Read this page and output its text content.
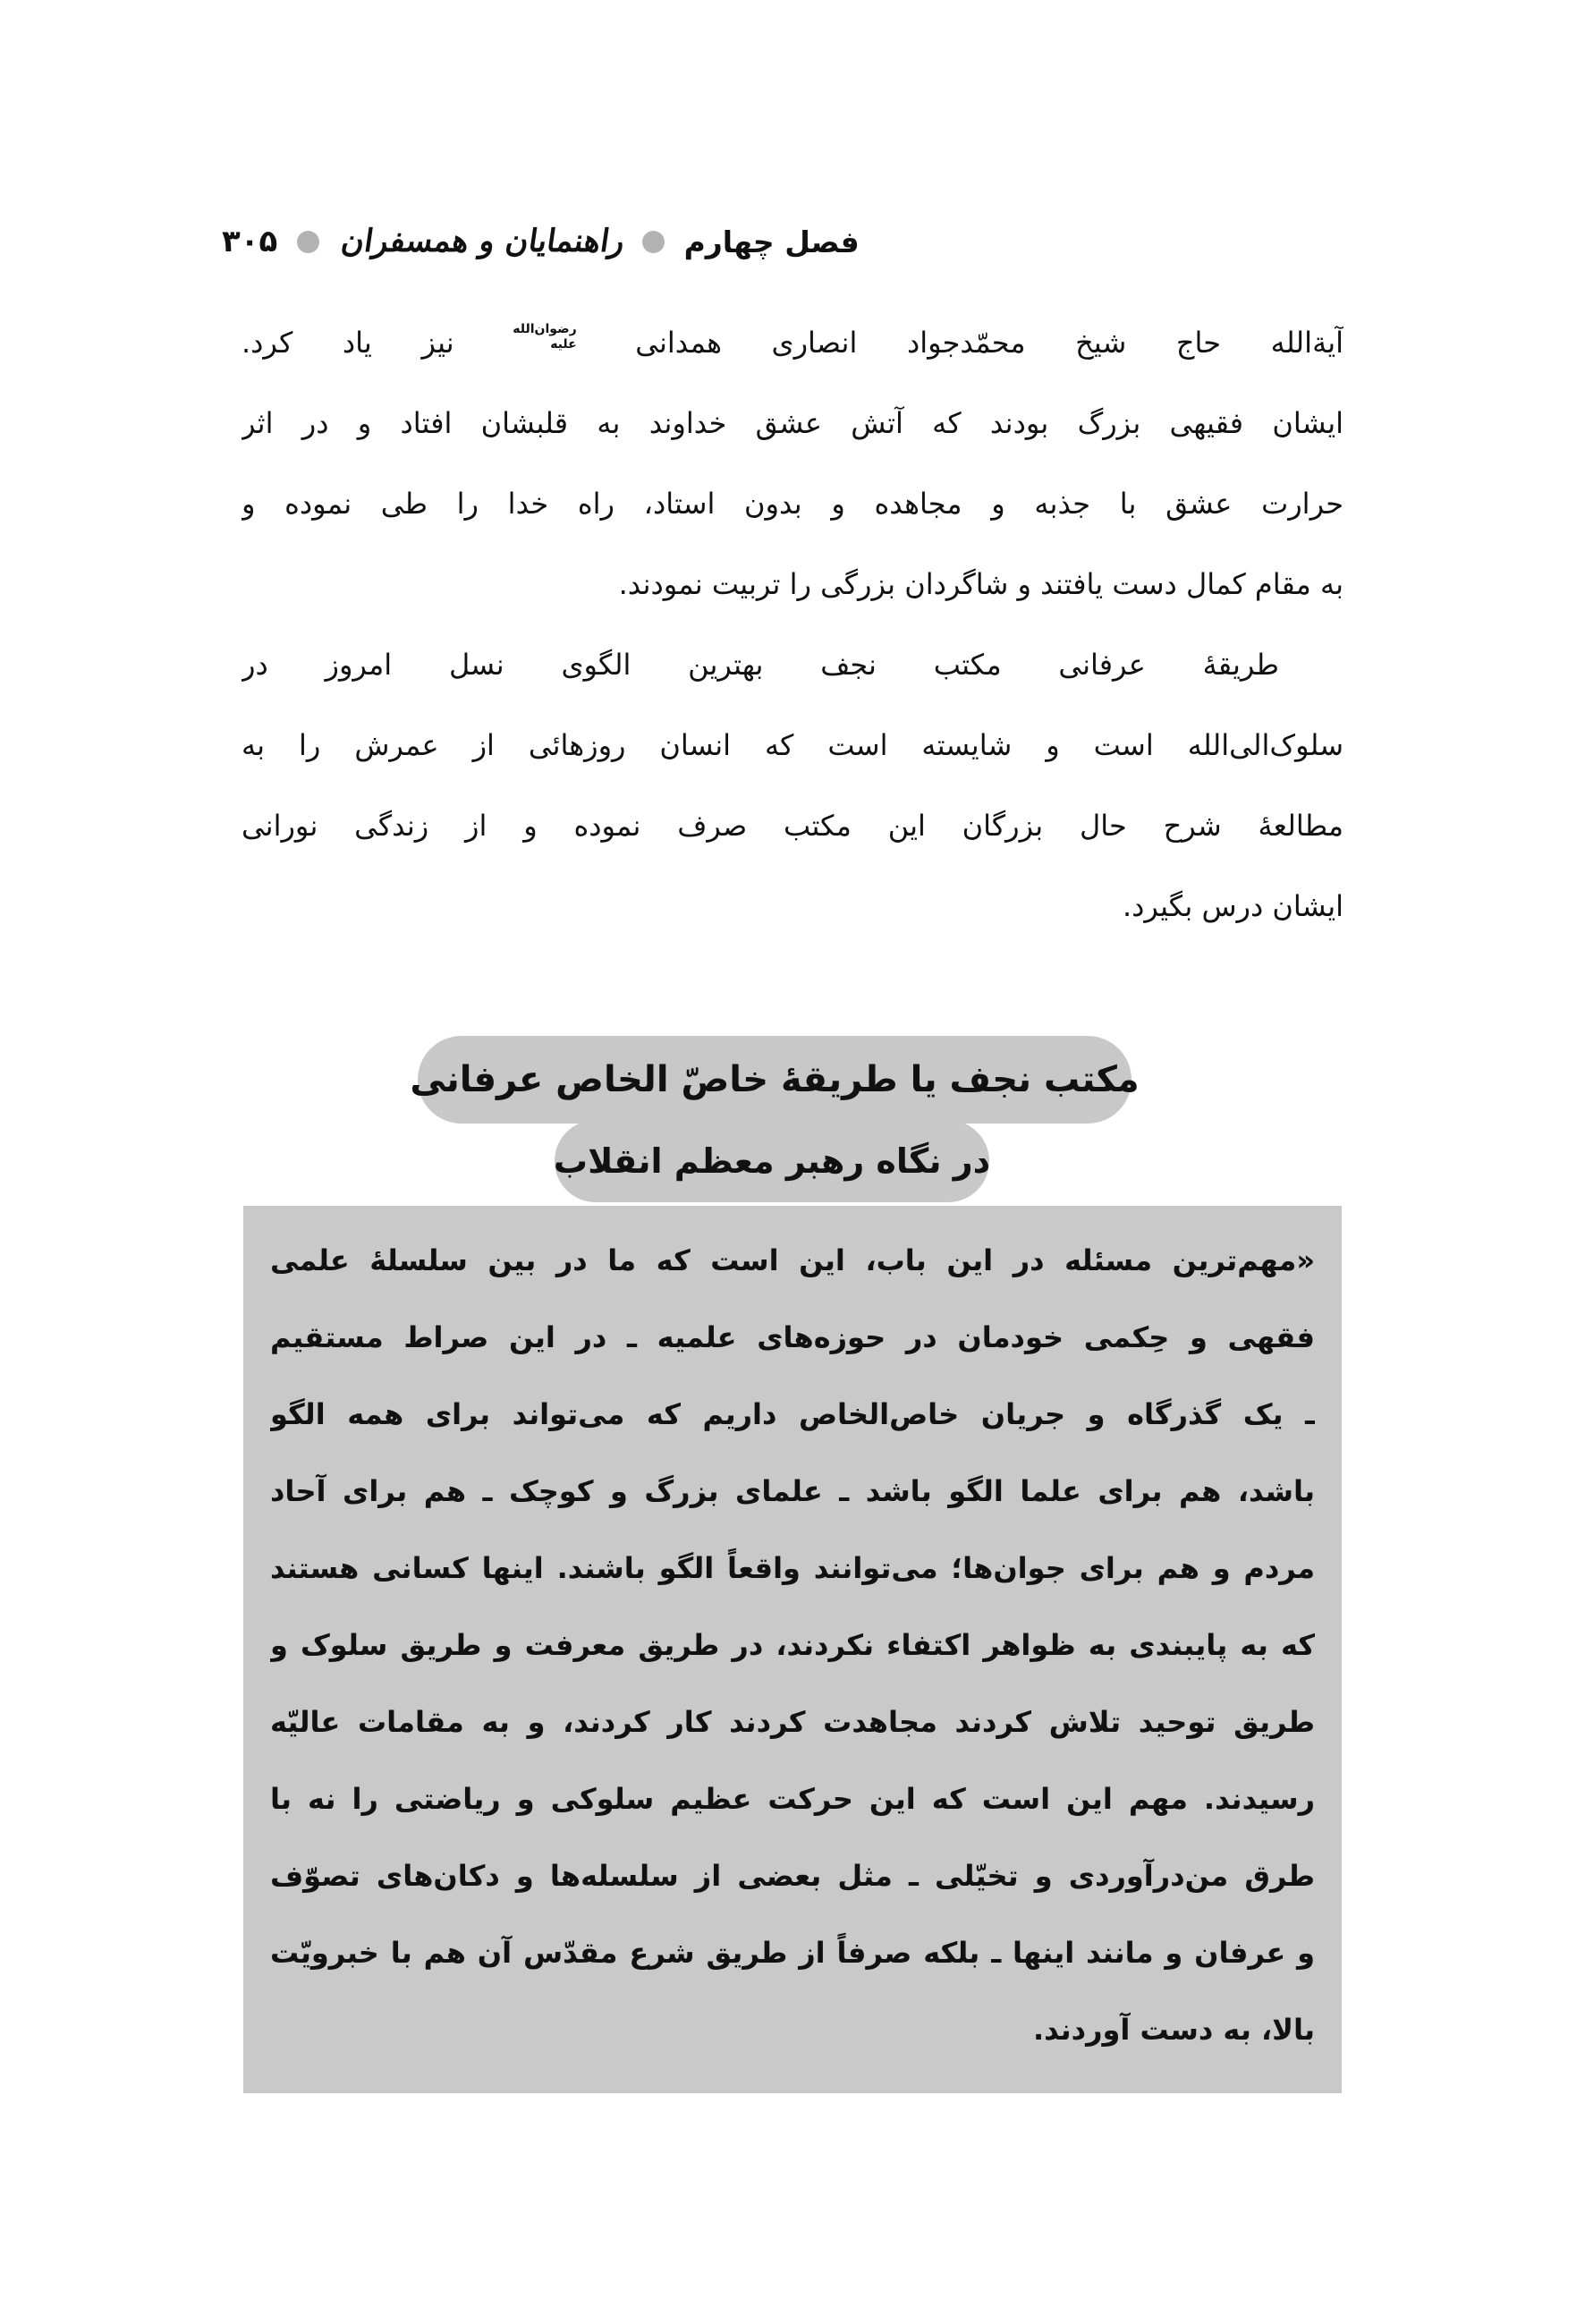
فصل چهارم
راهنمایان و همسفران
۳۰۵
آیة‌الله حاج شیخ محمّدجواد انصاری همدانی
رضوان‌الله
علیه
نیز یاد کرد.
ایشان فقیهی بزرگ بودند که آتش عشق خداوند به قلبشان افتاد و در اثر
حرارت عشق با جذبه و مجاهده و بدون استاد، راه خدا را طی نموده و
به مقام کمال دست یافتند و شاگردان بزرگی را تربیت نمودند.
طریقهٔ عرفانی مکتب نجف بهترین الگوی نسل امروز در
سلوک‌الی‌الله است و شایسته است که انسان روزهائی از عمرش را به
مطالعهٔ شرح حال بزرگان این مکتب صرف نموده و از زندگی نورانی
ایشان درس بگیرد.
مکتب نجف یا طریقهٔ خاصّ الخاص عرفانی
در نگاه رهبر معظم انقلاب
«مهم‌ترین مسئله در این باب، این است که ما در بین سلسلهٔ علمی
فقهی و حِکمی خودمان در حوزه‌های علمیه ـ در این صراط مستقیم
ـ یک گذرگاه و جریان خاص‌الخاص داریم که می‌تواند برای همه الگو
باشد، هم برای علما الگو باشد ـ علمای بزرگ و کوچک ـ هم برای آحاد
مردم و هم برای جوان‌ها؛ می‌توانند واقعاً الگو باشند. اینها کسانی هستند
که به پایبندی به ظواهر اکتفاء نکردند، در طریق معرفت و طریق سلوک و
طریق توحید تلاش کردند مجاهدت کردند کار کردند، و به مقامات عالیّه
رسیدند. مهم این است که این حرکت عظیم سلوکی و ریاضتی را نه با
طرق من‌درآوردی و تخیّلی ـ مثل بعضی از سلسله‌ها و دکان‌های تصوّف
و عرفان و مانند اینها ـ بلکه صرفاً از طریق شرع مقدّس آن هم با خبرویّت
بالا، به دست آوردند.
